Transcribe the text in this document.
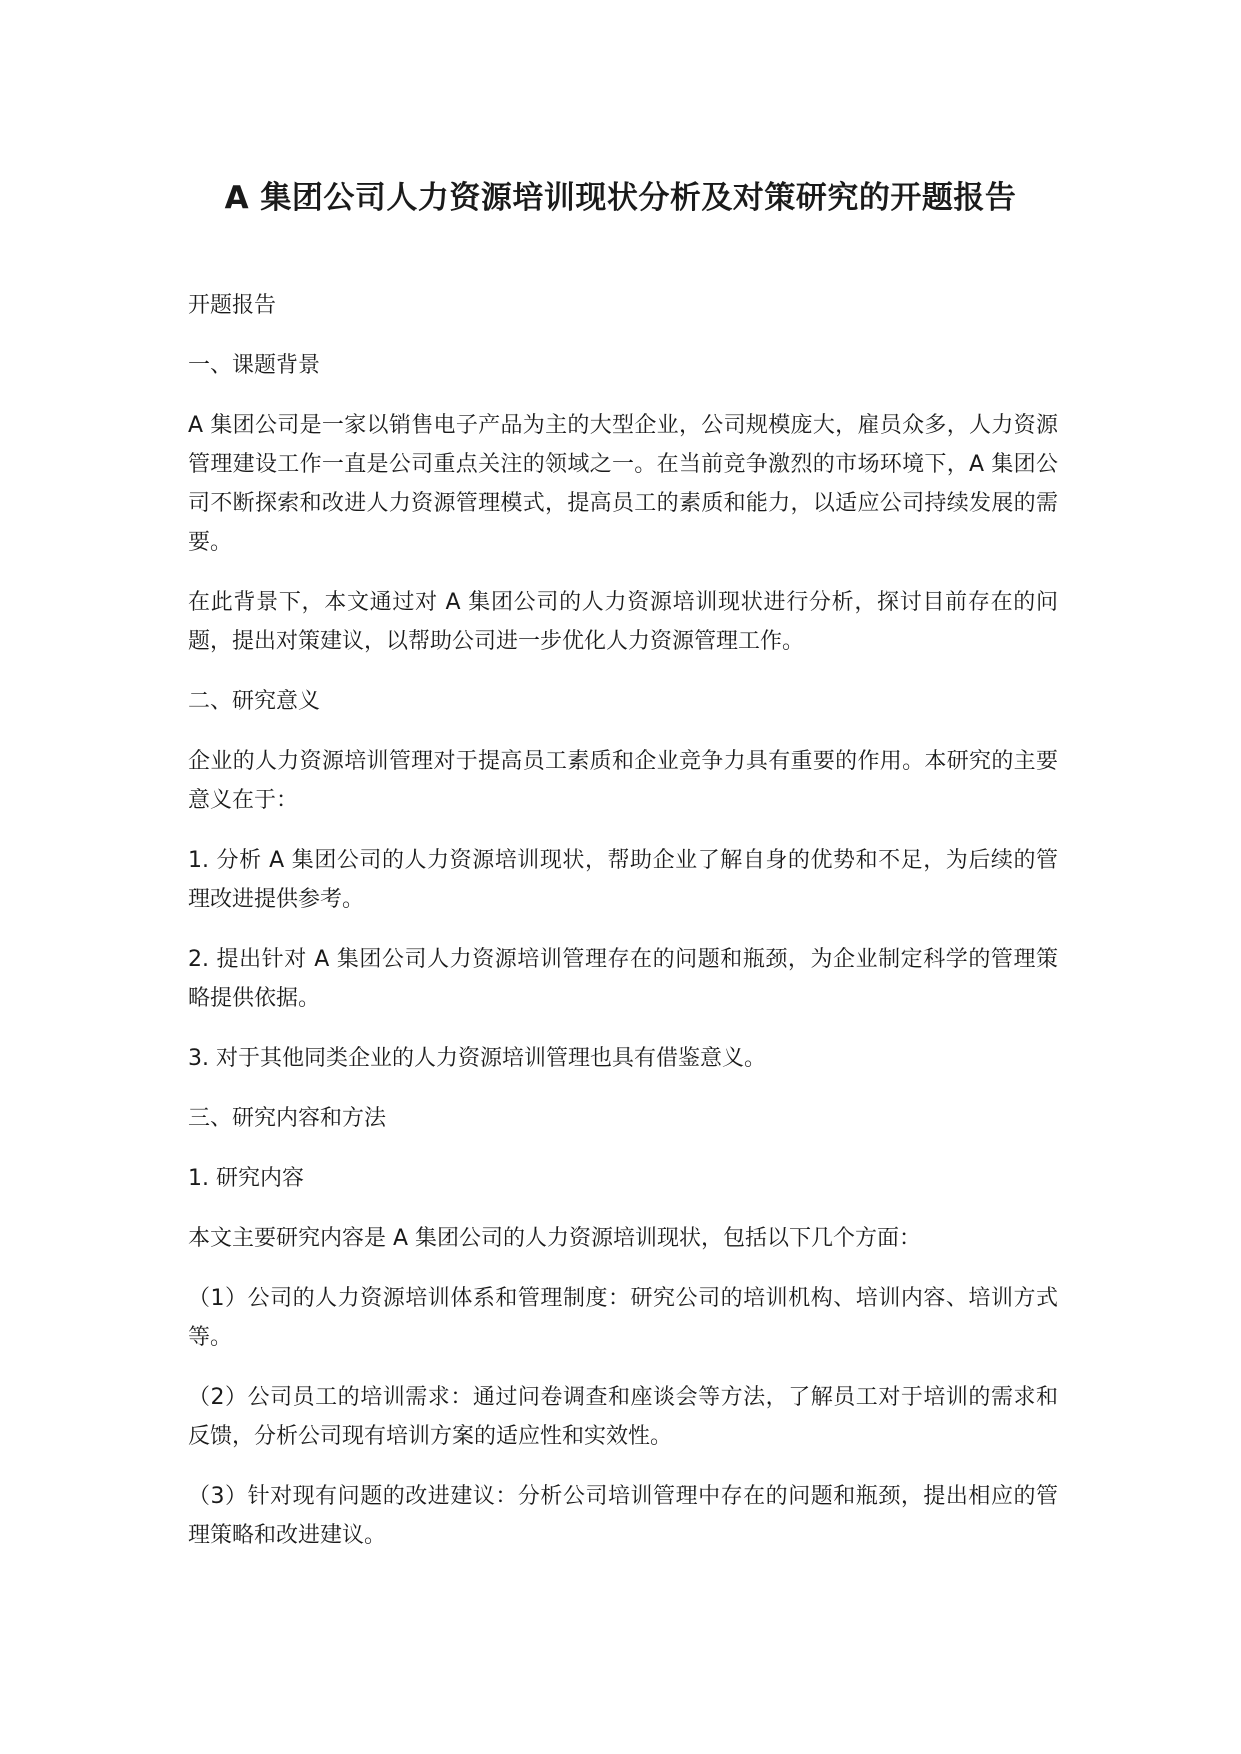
A 集团公司人力资源培训现状分析及对策研究的开题报告

开题报告

一、课题背景

A 集团公司是一家以销售电子产品为主的大型企业，公司规模庞大，雇员众多，人力资源管理建设工作一直是公司重点关注的领域之一。在当前竞争激烈的市场环境下，A 集团公司不断探索和改进人力资源管理模式，提高员工的素质和能力，以适应公司持续发展的需要。

在此背景下，本文通过对 A 集团公司的人力资源培训现状进行分析，探讨目前存在的问题，提出对策建议，以帮助公司进一步优化人力资源管理工作。

二、研究意义

企业的人力资源培训管理对于提高员工素质和企业竞争力具有重要的作用。本研究的主要意义在于：

1. 分析 A 集团公司的人力资源培训现状，帮助企业了解自身的优势和不足，为后续的管理改进提供参考。

2. 提出针对 A 集团公司人力资源培训管理存在的问题和瓶颈，为企业制定科学的管理策略提供依据。

3. 对于其他同类企业的人力资源培训管理也具有借鉴意义。

三、研究内容和方法

1. 研究内容

本文主要研究内容是 A 集团公司的人力资源培训现状，包括以下几个方面：

（1）公司的人力资源培训体系和管理制度：研究公司的培训机构、培训内容、培训方式等。

（2）公司员工的培训需求：通过问卷调查和座谈会等方法，了解员工对于培训的需求和反馈，分析公司现有培训方案的适应性和实效性。

（3）针对现有问题的改进建议：分析公司培训管理中存在的问题和瓶颈，提出相应的管理策略和改进建议。
